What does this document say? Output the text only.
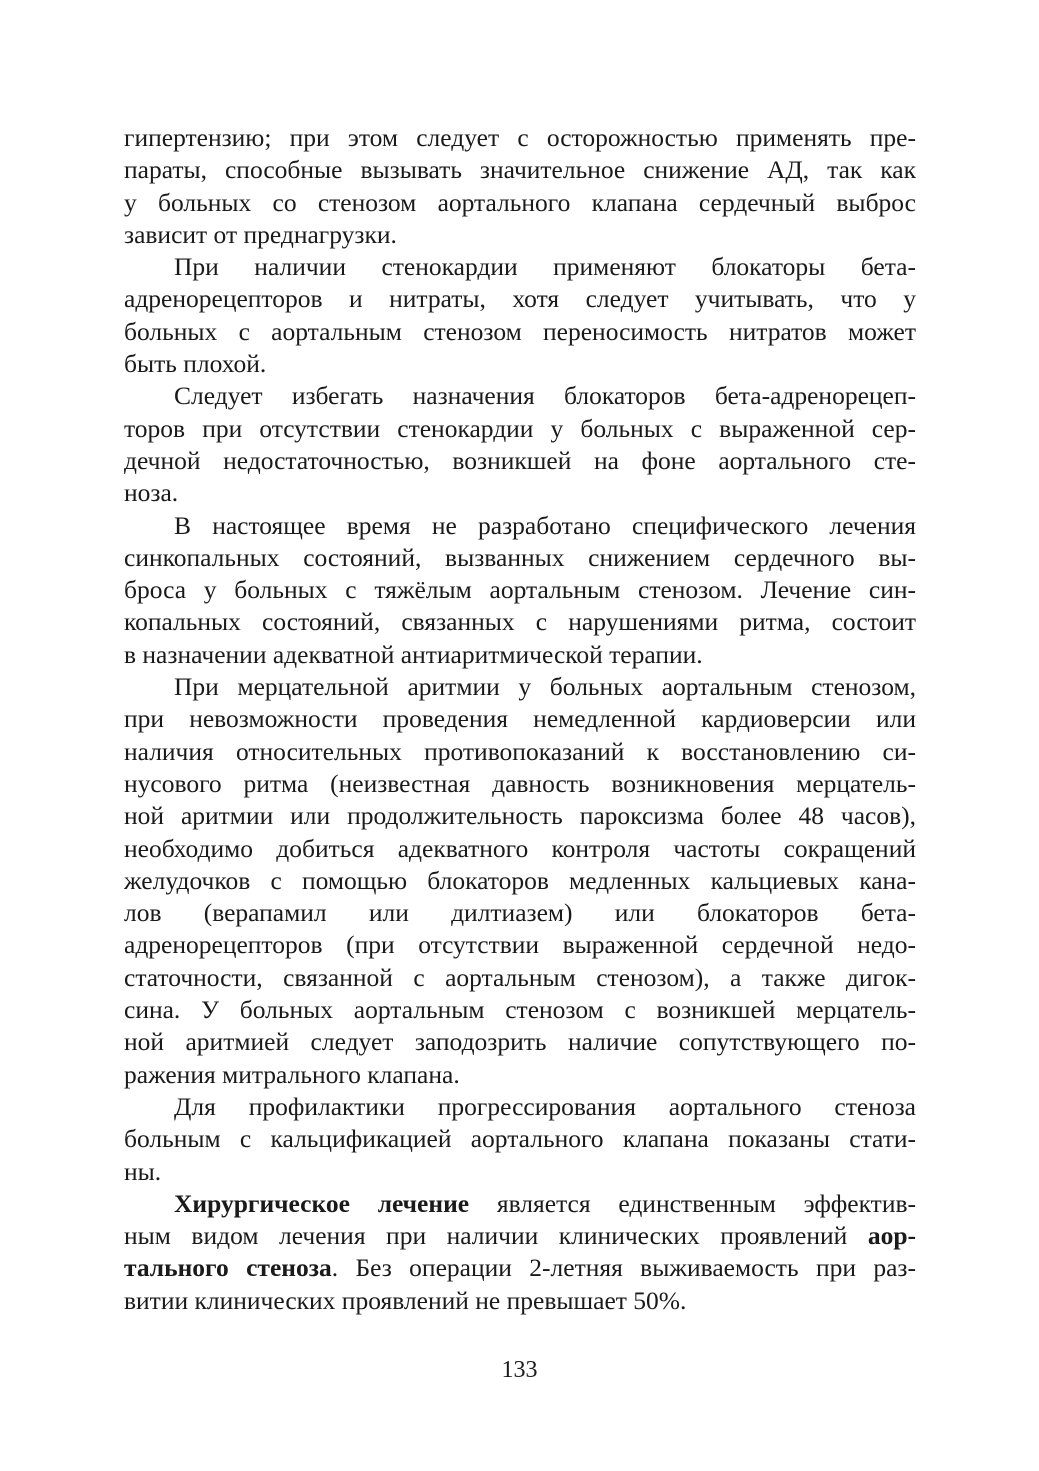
гипертензию; при этом следует с осторожностью применять пре-
параты, способные вызывать значительное снижение АД, так как
у больных со стенозом аортального клапана сердечный выброс
зависит от преднагрузки.
При наличии стенокардии применяют блокаторы бета-
адренорецепторов и нитраты, хотя следует учитывать, что у
больных с аортальным стенозом переносимость нитратов может
быть плохой.
Следует избегать назначения блокаторов бета-адренорецеп-
торов при отсутствии стенокардии у больных с выраженной сер-
дечной недостаточностью, возникшей на фоне аортального сте-
ноза.
В настоящее время не разработано специфического лечения
синкопальных состояний, вызванных снижением сердечного вы-
броса у больных с тяжёлым аортальным стенозом. Лечение син-
копальных состояний, связанных с нарушениями ритма, состоит
в назначении адекватной антиаритмической терапии.
При мерцательной аритмии у больных аортальным стенозом,
при невозможности проведения немедленной кардиоверсии или
наличия относительных противопоказаний к восстановлению си-
нусового ритма (неизвестная давность возникновения мерцатель-
ной аритмии или продолжительность пароксизма более 48 часов),
необходимо добиться адекватного контроля частоты сокращений
желудочков с помощью блокаторов медленных кальциевых кана-
лов (верапамил или дилтиазем) или блокаторов бета-
адренорецепторов (при отсутствии выраженной сердечной недо-
статочности, связанной с аортальным стенозом), а также дигок-
сина. У больных аортальным стенозом с возникшей мерцатель-
ной аритмией следует заподозрить наличие сопутствующего по-
ражения митрального клапана.
Для профилактики прогрессирования аортального стеноза
больным с кальцификацией аортального клапана показаны стати-
ны.
Хирургическое лечение является единственным эффектив-
ным видом лечения при наличии клинических проявлений аор-
тального стеноза. Без операции 2-летняя выживаемость при раз-
витии клинических проявлений не превышает 50%.
133
